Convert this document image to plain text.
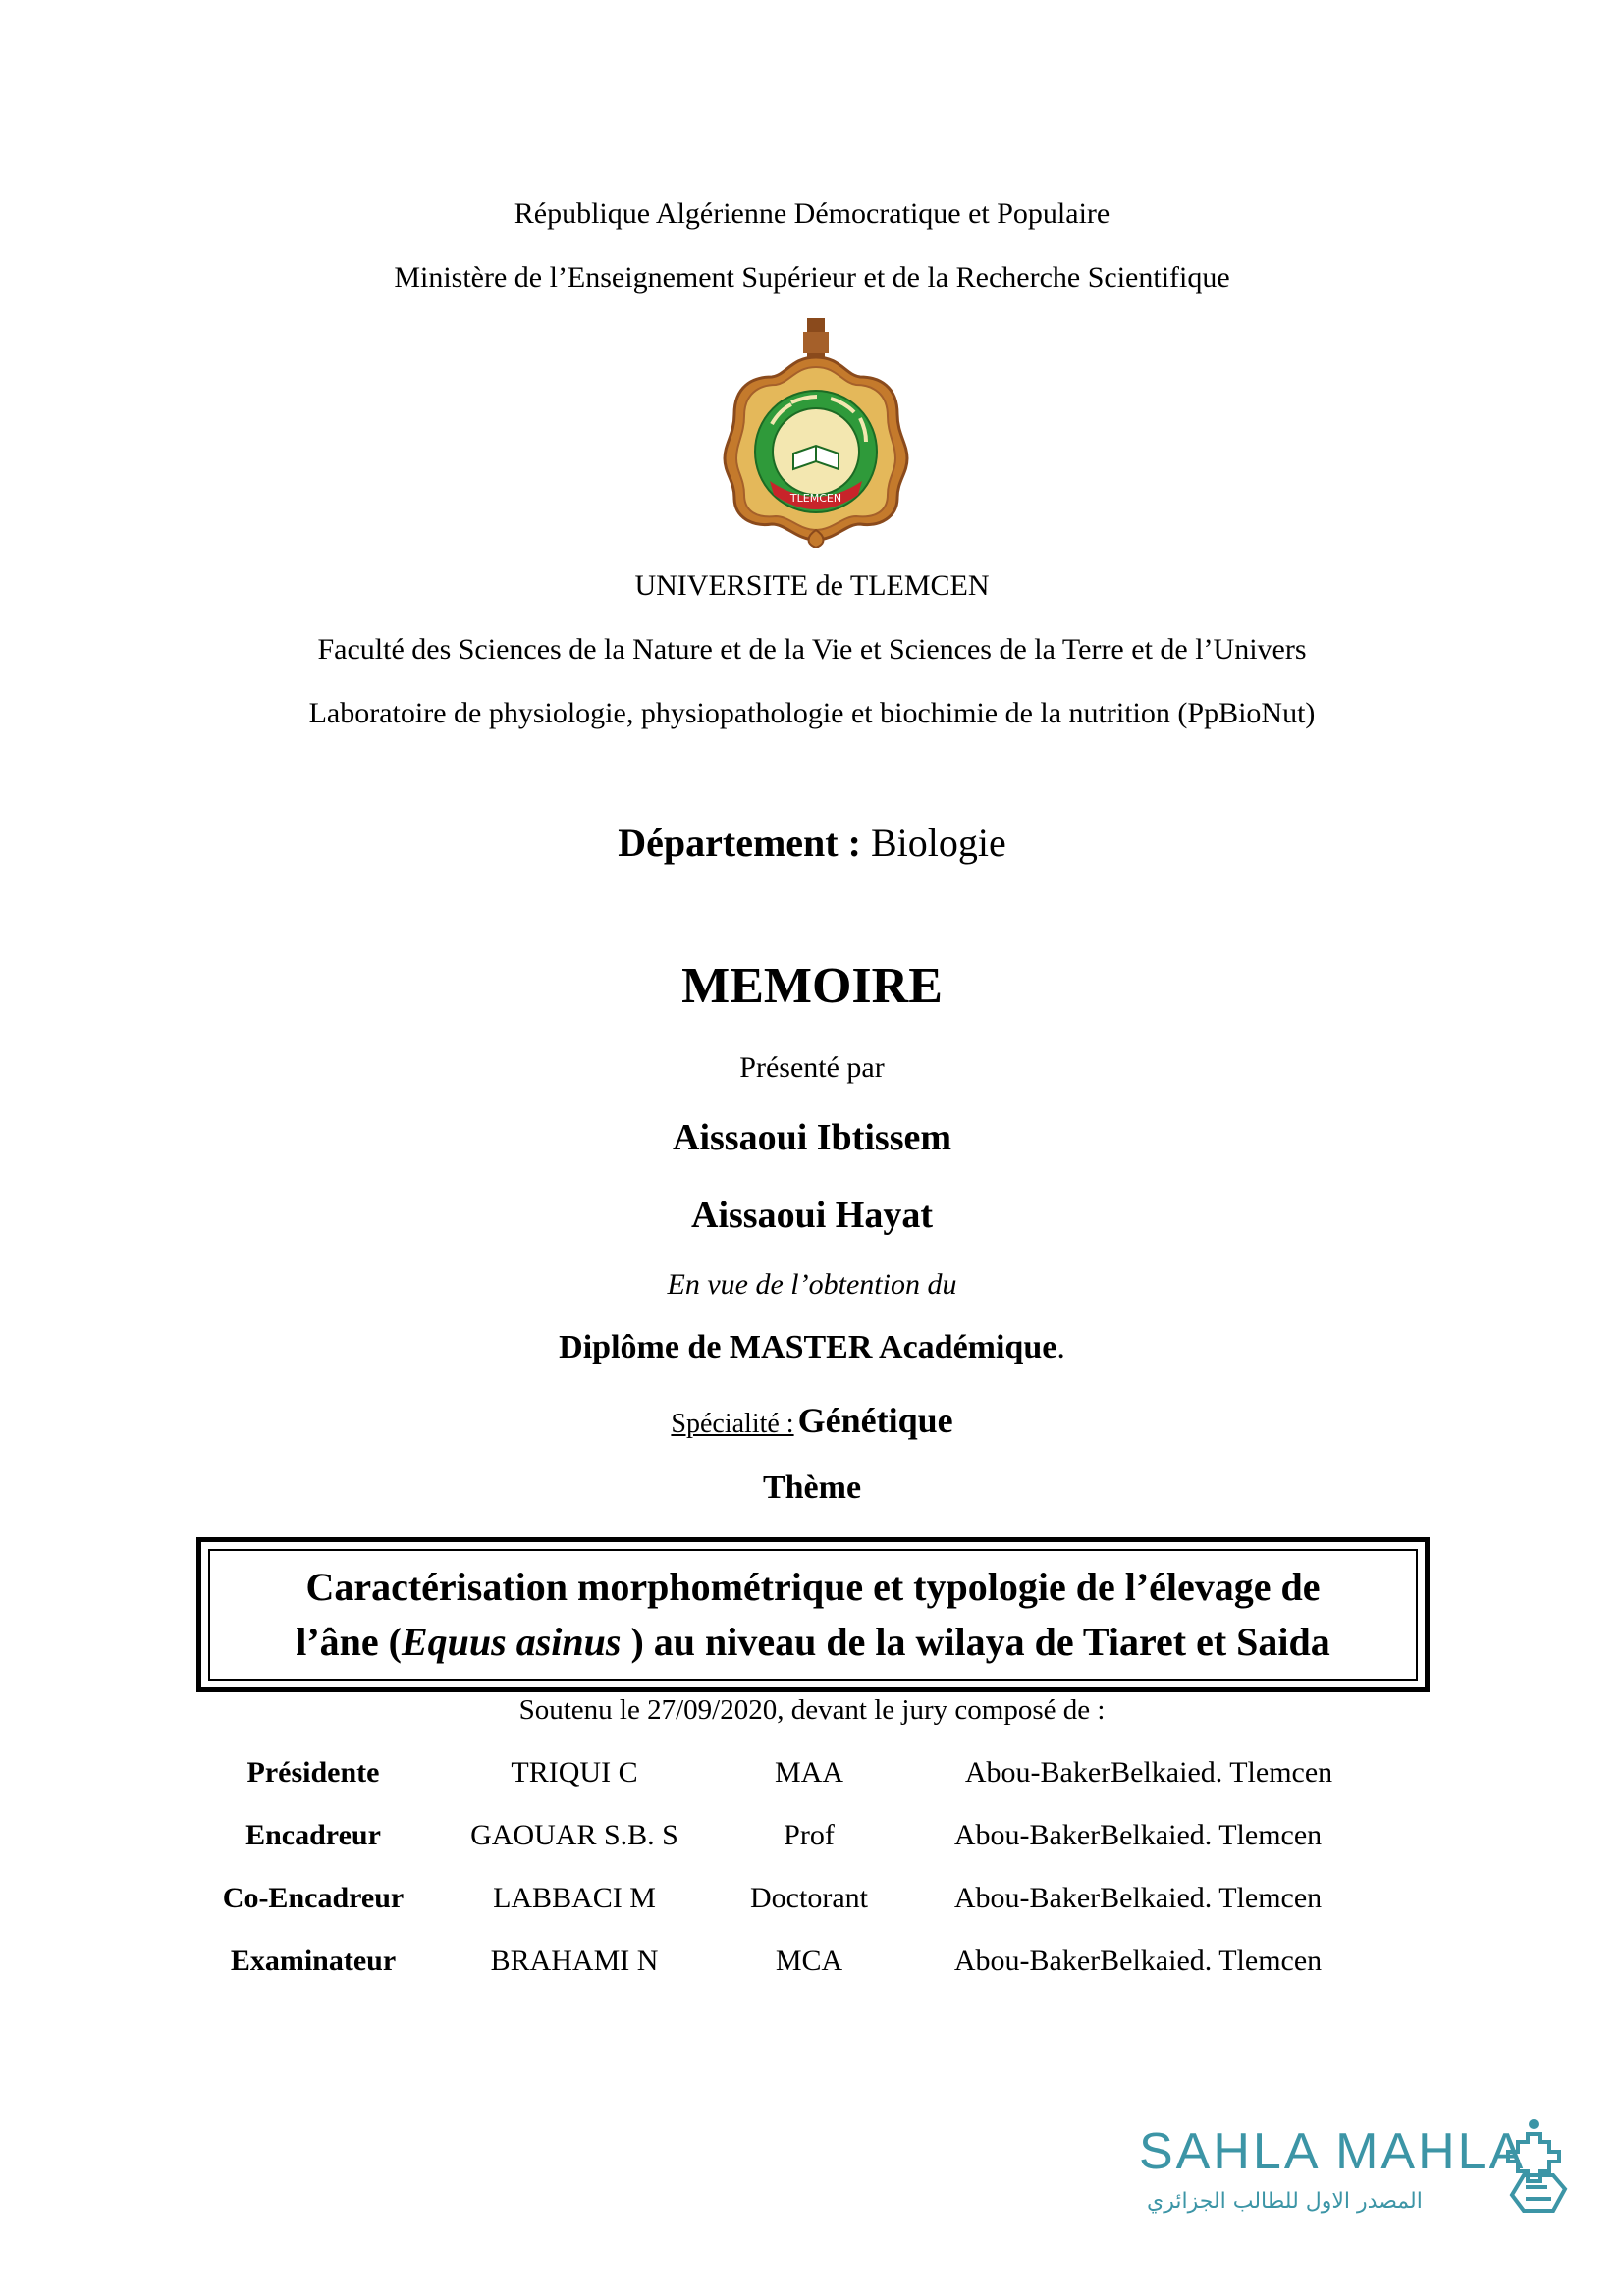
République Algérienne Démocratique et Populaire
Ministère de l’Enseignement Supérieur et de la Recherche Scientifique
TLEMCEN
UNIVERSITE de TLEMCEN
Faculté des Sciences de la Nature et de la Vie et Sciences de la Terre et de l’Univers
Laboratoire de physiologie, physiopathologie et biochimie de la nutrition (PpBioNut)
Département : Biologie
MEMOIRE
Présenté par
Aissaoui Ibtissem
Aissaoui Hayat
En vue de l’obtention du
Diplôme de MASTER Académique.
Spécialité : Génétique
Thème
Caractérisation morphométrique et typologie de l’élevage de
l’âne (Equus asinus ) au niveau de la wilaya de Tiaret et Saida
Soutenu le 27/09/2020, devant le jury composé de :
Présidente	TRIQUI C	MAA	Abou-BakerBelkaied. Tlemcen
Encadreur	GAOUAR S.B. S	Prof	Abou-BakerBelkaied. Tlemcen
Co-Encadreur	LABBACI M	Doctorant	Abou-BakerBelkaied. Tlemcen
Examinateur	BRAHAMI N	MCA	Abou-BakerBelkaied. Tlemcen
SAHLA MAHLA
المصدر الاول للطالب الجزائري
